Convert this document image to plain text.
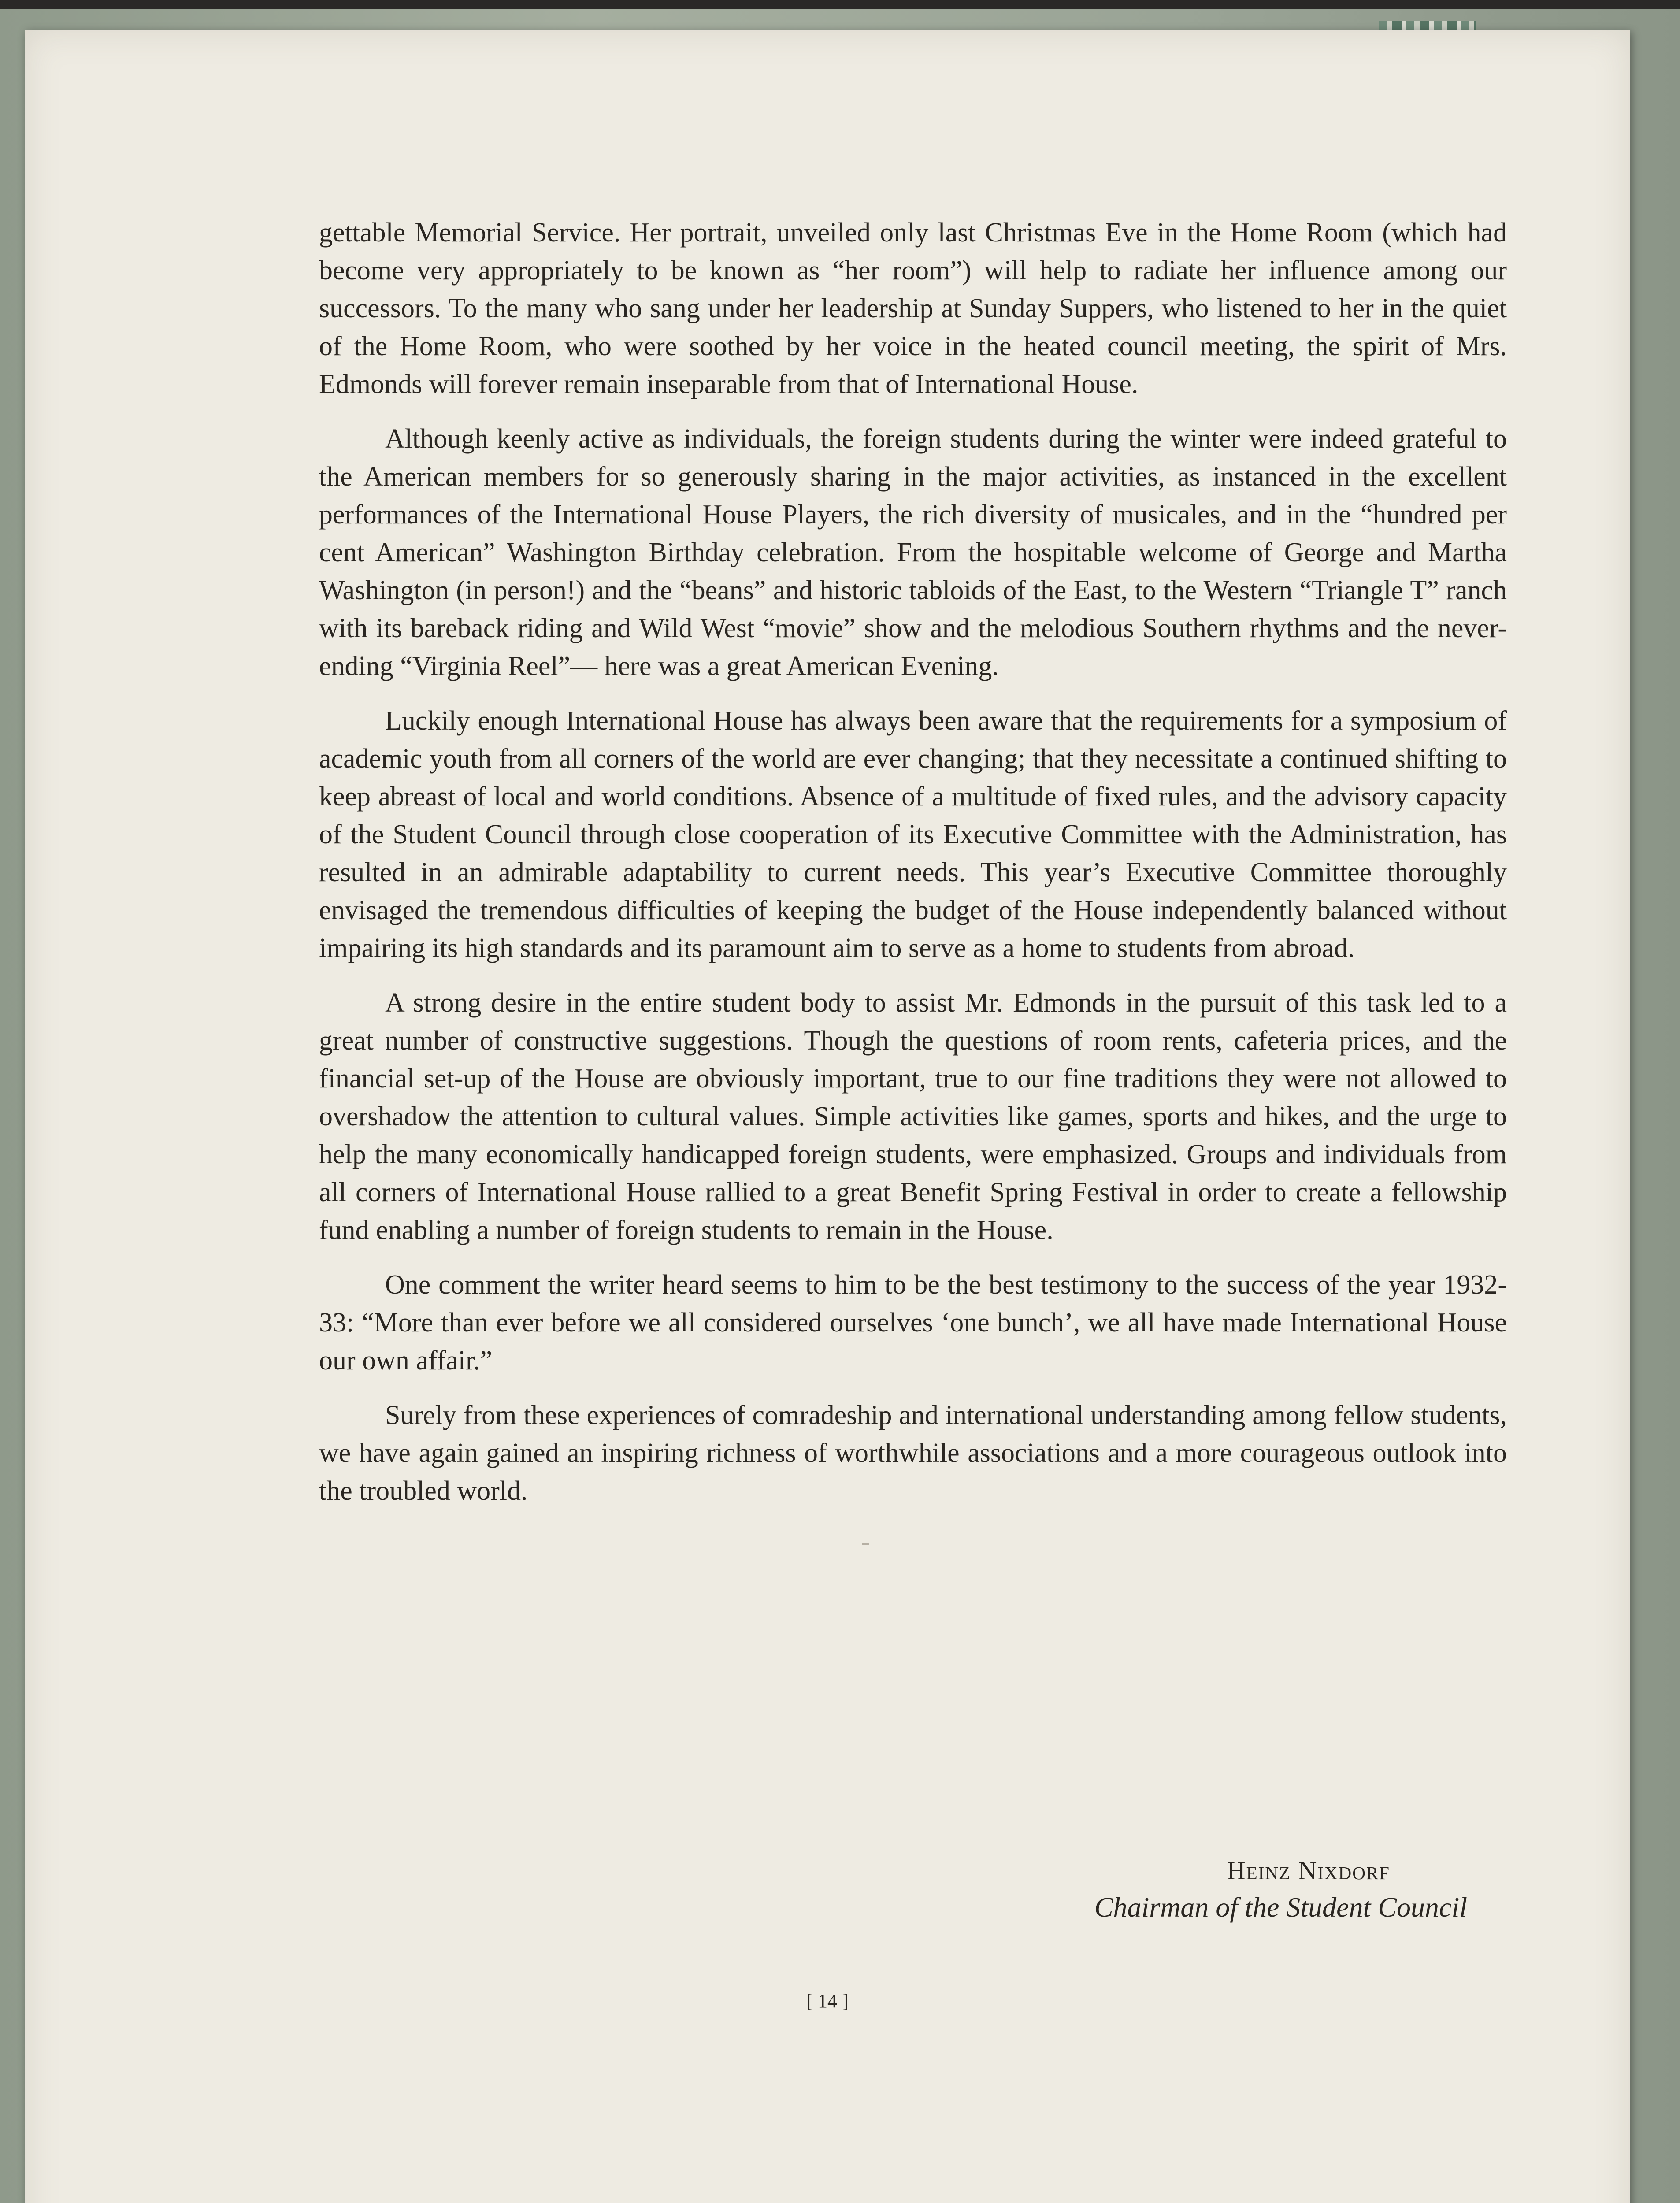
gettable Memorial Service. Her portrait, unveiled only last Christmas Eve in the Home Room (which had become very appropriately to be known as “her room”) will help to radiate her influence among our successors. To the many who sang under her leadership at Sunday Suppers, who listened to her in the quiet of the Home Room, who were soothed by her voice in the heated council meeting, the spirit of Mrs. Edmonds will forever remain inseparable from that of International House.

Although keenly active as individuals, the foreign students during the winter were indeed grateful to the American members for so generously sharing in the major activities, as instanced in the excellent performances of the International House Players, the rich diversity of musicales, and in the “hundred per cent American” Washington Birthday celebration. From the hospitable welcome of George and Martha Washington (in person!) and the “beans” and historic tabloids of the East, to the Western “Triangle T” ranch with its bareback riding and Wild West “movie” show and the melodious Southern rhythms and the never-ending “Virginia Reel”— here was a great American Evening.

Luckily enough International House has always been aware that the requirements for a symposium of academic youth from all corners of the world are ever changing; that they necessitate a continued shifting to keep abreast of local and world conditions. Absence of a multitude of fixed rules, and the advisory capacity of the Student Council through close cooperation of its Executive Committee with the Administration, has resulted in an admirable adaptability to current needs. This year’s Executive Committee thoroughly envisaged the tremendous difficulties of keeping the budget of the House independently balanced without impairing its high standards and its paramount aim to serve as a home to students from abroad.

A strong desire in the entire student body to assist Mr. Edmonds in the pursuit of this task led to a great number of constructive suggestions. Though the questions of room rents, cafeteria prices, and the financial set-up of the House are obviously important, true to our fine traditions they were not allowed to overshadow the attention to cultural values. Simple activities like games, sports and hikes, and the urge to help the many economically handicapped foreign students, were emphasized. Groups and individuals from all corners of International House rallied to a great Benefit Spring Festival in order to create a fellowship fund enabling a number of foreign students to remain in the House.

One comment the writer heard seems to him to be the best testimony to the success of the year 1932-33: “More than ever before we all considered ourselves ‘one bunch’, we all have made International House our own affair.”

Surely from these experiences of comradeship and international understanding among fellow students, we have again gained an inspiring richness of worthwhile associations and a more courageous outlook into the troubled world.

Heinz Nixdorf
Chairman of the Student Council
[ 14 ]
